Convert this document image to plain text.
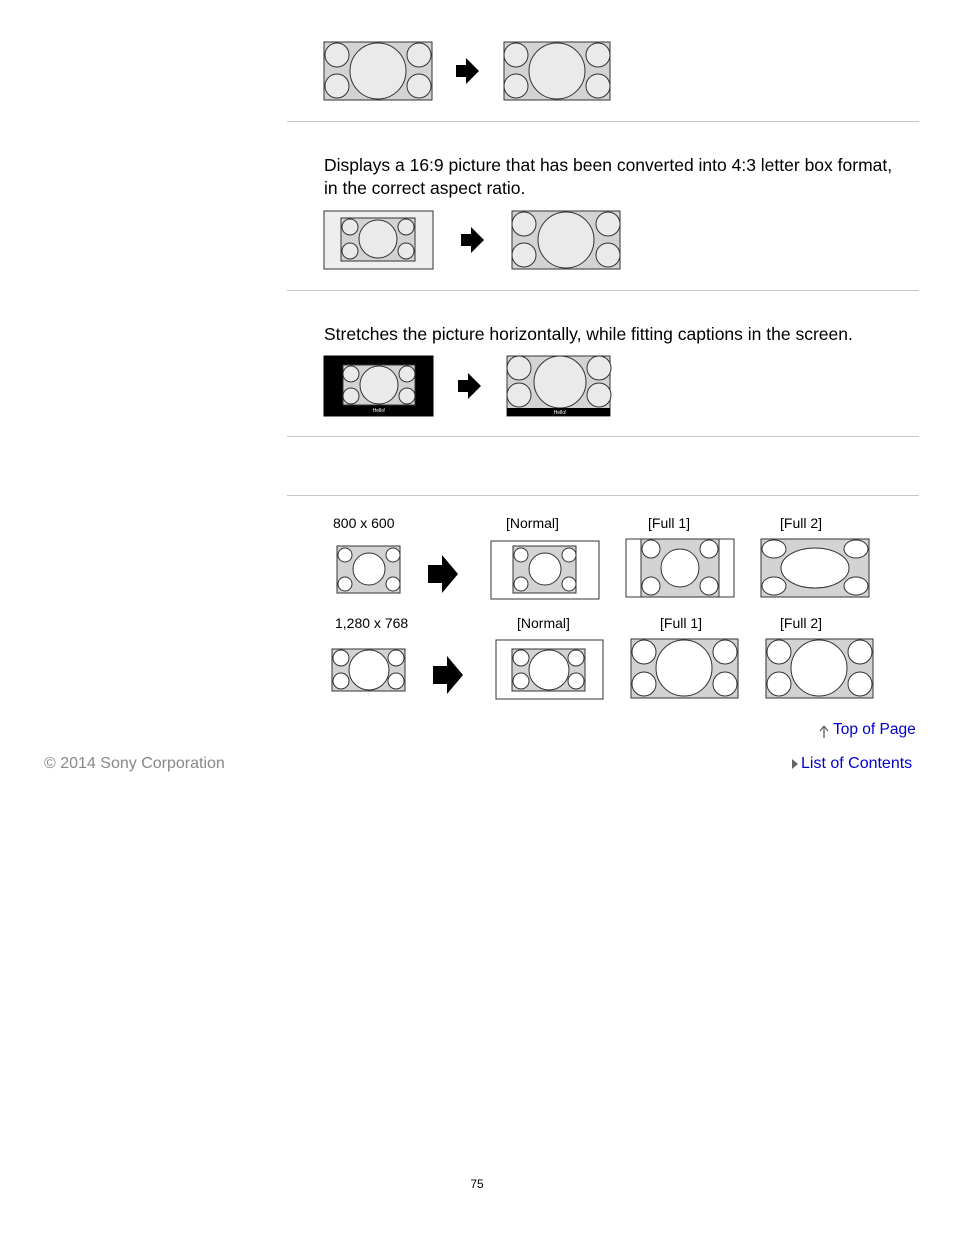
Displays a 16:9 picture that has been converted into 4:3 letter box format, in the correct aspect ratio.
Stretches the picture horizontally, while fitting captions in the screen.
Hello!	Hello!
800 x 600	[Normal]	[Full 1]	[Full 2]
1,280 x 768	[Normal]	[Full 1]	[Full 2]
Top of Page
List of Contents
© 2014 Sony Corporation
75
